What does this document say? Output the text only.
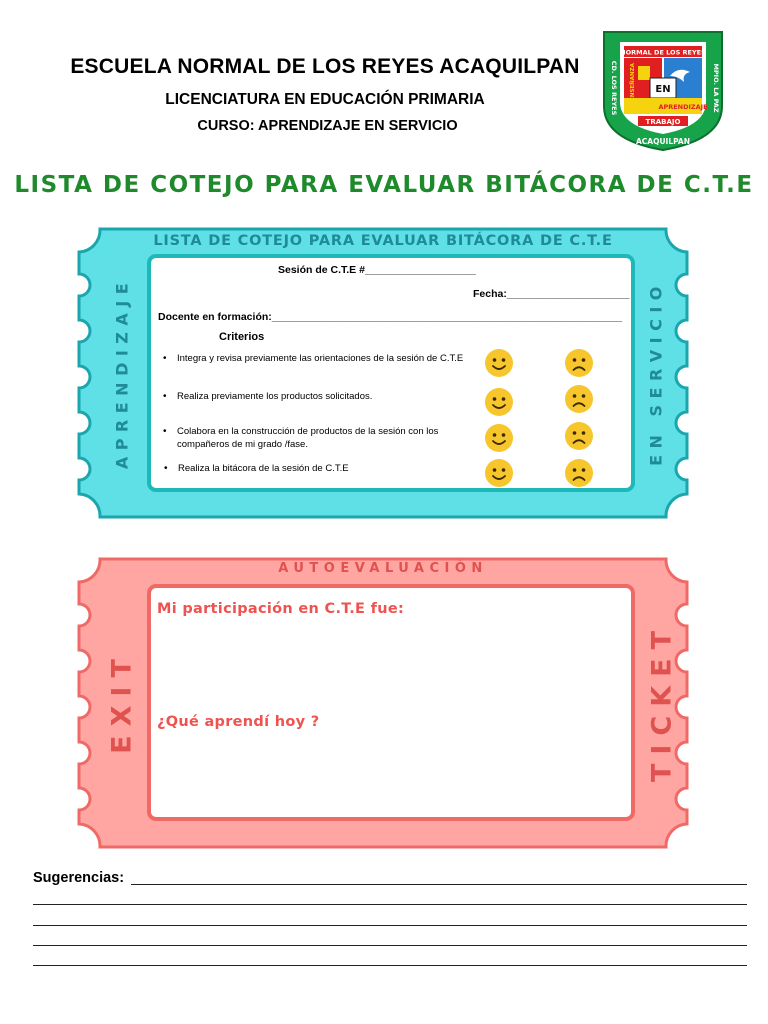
ESCUELA NORMAL DE LOS REYES ACAQUILPAN
LICENCIATURA EN EDUCACIÓN PRIMARIA
CURSO: APRENDIZAJE EN SERVICIO
NORMAL DE LOS REYES
EN
APRENDIZAJE
ENSEÑANZA
TRABAJO
ACAQUILPAN
CD. LOS REYES	MPIO. LA PAZ
LISTA DE COTEJO PARA EVALUAR BITÁCORA DE C.T.E
LISTA DE COTEJO PARA EVALUAR BITÁCORA DE C.T.E
APRENDIZAJE	EN SERVICIO
Sesión de C.T.E #___________________
Fecha:_____________________
Docente en formación:____________________________________________________________
Criterios
• Integra y revisa previamente las orientaciones de la sesión de C.T.E
• Realiza previamente los productos solicitados.
• Colabora en la construcción de productos de la sesión con los compañeros de mi grado /fase.
• Realiza la bitácora de la sesión de C.T.E
AUTOEVALUACIÓN
EXIT	TICKET
Mi participación en C.T.E fue:
¿Qué aprendí hoy ?
Sugerencias:
